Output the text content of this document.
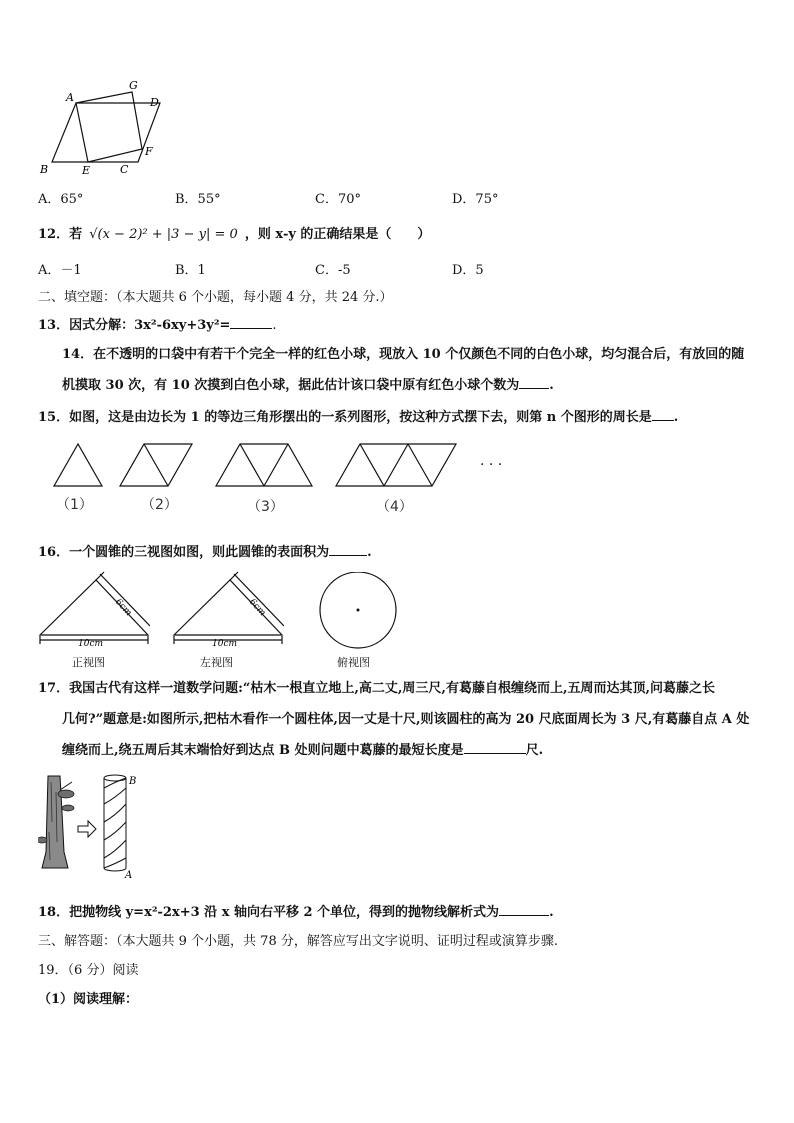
A
G
D
F
B	E	C
A．65°	B．55°	C．70°	D．75°
12．若 √(x − 2)² + |3 − y| = 0 ，则 x-y 的正确结果是（　　）
A．－1	B．1	C．-5	D．5
二、填空题：（本大题共 6 个小题，每小题 4 分，共 24 分.）
13．因式分解：3x²-6xy+3y²=	.
14．在不透明的口袋中有若干个完全一样的红色小球，现放入 10 个仅颜色不同的白色小球，均匀混合后，有放回的随
机摸取 30 次，有 10 次摸到白色小球，据此估计该口袋中原有红色小球个数为 .
15．如图，这是由边长为 1 的等边三角形摆出的一系列图形，按这种方式摆下去，则第 n 个图形的周长是 .
· · ·
（1）	（2）	（3）	（4）
16．一个圆锥的三视图如图，则此圆锥的表面积为	.
6cm
10cm
6cm
10cm
正视图	左视图	俯视图
17．我国古代有这样一道数学问题:“枯木一根直立地上,高二丈,周三尺,有葛藤自根缠绕而上,五周而达其顶,问葛藤之长
几何?”题意是:如图所示,把枯木看作一个圆柱体,因一丈是十尺,则该圆柱的高为 20 尺底面周长为 3 尺,有葛藤自点 A 处
缠绕而上,绕五周后其末端恰好到达点 B 处则问题中葛藤的最短长度是	尺.
B
A
18．把抛物线 y=x²-2x+3 沿 x 轴向右平移 2 个单位，得到的抛物线解析式为	.
三、解答题：（本大题共 9 个小题，共 78 分，解答应写出文字说明、证明过程或演算步骤.
19．（6 分）阅读
（1）阅读理解：
